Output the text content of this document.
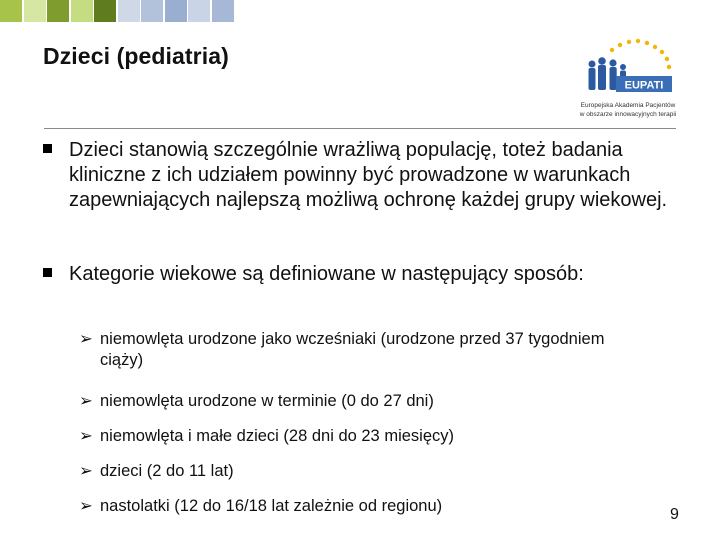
Dzieci (pediatria)
EUPATI
Europejska Akademia Pacjentów
w obszarze innowacyjnych terapii
Dzieci stanowią szczególnie wrażliwą populację, toteż badania kliniczne z ich udziałem powinny być prowadzone w warunkach zapewniających najlepszą możliwą ochronę każdej grupy wiekowej.
Kategorie wiekowe są definiowane w następujący sposób:
➢ niemowlęta urodzone jako wcześniaki (urodzone przed 37 tygodniem ciąży)
➢ niemowlęta urodzone w terminie (0 do 27 dni)
➢ niemowlęta i małe dzieci (28 dni do 23 miesięcy)
➢ dzieci (2 do 11 lat)
➢ nastolatki (12 do 16/18 lat zależnie od regionu)	9
